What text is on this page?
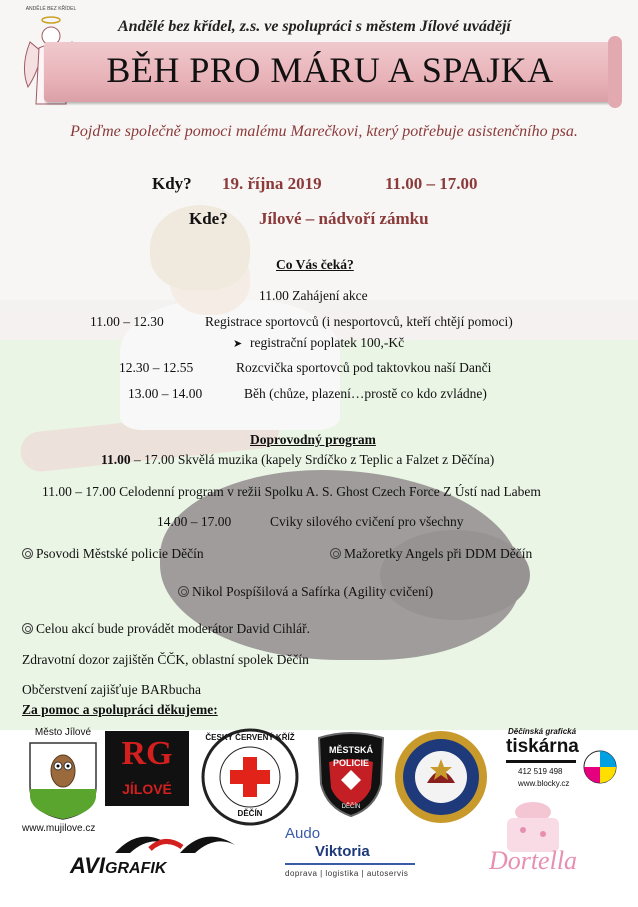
ANDĚLÉ BEZ KŘÍDEL
Andělé bez křídel, z.s. ve spolupráci s městem Jílové uvádějí
BĚH PRO MÁRU A SPAJKA
Pojďme společně pomoci malému Marečkovi, který potřebuje asistenčního psa.
Kdy? 19. října 2019	11.00 – 17.00
Kde? Jílové – nádvoří zámku
Co Vás čeká?
11.00 Zahájení akce
11.00 – 12.30	Registrace sportovců (i nesportovců, kteří chtějí pomoci)
➤ registrační poplatek 100,-Kč
12.30 – 12.55	Rozcvička sportovců pod taktovkou naší Danči
13.00 – 14.00	Běh (chůze, plazení…prostě co kdo zvládne)
Doprovodný program
11.00 – 17.00 Skvělá muzika (kapely Srdíčko z Teplic a Falzet z Děčína)
11.00 – 17.00 Celodenní program v režii Spolku A. S. Ghost Czech Force Z Ústí nad Labem
14.00 – 17.00	Cviky silového cvičení pro všechny
Psovodi Městské policie Děčín	Mažoretky Angels při DDM Děčín
Nikol Pospíšilová a Safírka (Agility cvičení)
Celou akcí bude provádět moderátor David Cihlář.
Zdravotní dozor zajištěn ČČK, oblastní spolek Děčín
Občerstvení zajišťuje BARbucha
Za pomoc a spolupráci děkujeme:
Město Jílové
www.mujilove.cz
RG
JÍLOVÉ
ČESKÝ ČERVENÝ KŘÍŽ
DĚČÍN
MĚSTSKÁ
POLICIE
DĚČÍN
Děčínská grafická
tiskárna
412 519 498
www.blocky.cz
AVIGRAFIK
Audo
Viktoria
doprava | logistika | autoservis	Dortella
